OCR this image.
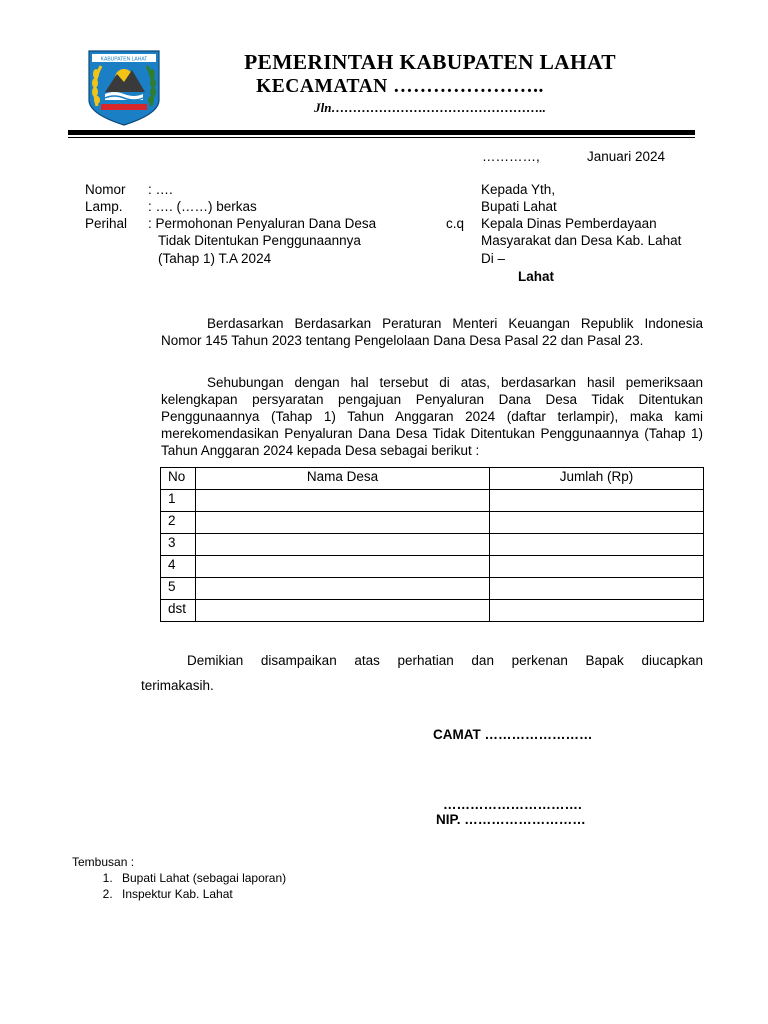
KABUPATEN LAHAT	PEMERINTAH KABUPATEN LAHAT
KECAMATAN …………………..
Jln…………………………………………..
…………,	Januari 2024
Nomor : ….
Lamp. : …. (……) berkas
Perihal : Permohonan Penyaluran Dana Desa
Tidak Ditentukan Penggunaannya
(Tahap 1) T.A 2024
Kepada Yth,
Bupati Lahat
c.q Kepala Dinas Pemberdayaan
Masyarakat dan Desa Kab. Lahat
Di –
Lahat

Berdasarkan Berdasarkan Peraturan Menteri Keuangan Republik Indonesia Nomor 145 Tahun 2023 tentang Pengelolaan Dana Desa Pasal 22 dan Pasal 23.

Sehubungan dengan hal tersebut di atas, berdasarkan hasil pemeriksaan kelengkapan persyaratan pengajuan Penyaluran Dana Desa Tidak Ditentukan Penggunaannya (Tahap 1) Tahun Anggaran 2024 (daftar terlampir), maka kami merekomendasikan Penyaluran Dana Desa Tidak Ditentukan Penggunaannya (Tahap 1) Tahun Anggaran 2024 kepada Desa sebagai berikut :

No	Nama Desa	Jumlah (Rp)
1		
2		
3		
4		
5		
dst		
Demikian disampaikan atas perhatian dan perkenan Bapak diucapkan
terimakasih.
CAMAT ……………………
………………………….
NIP. ………………………
Tembusan :
1. Bupati Lahat (sebagai laporan)
2. Inspektur Kab. Lahat
